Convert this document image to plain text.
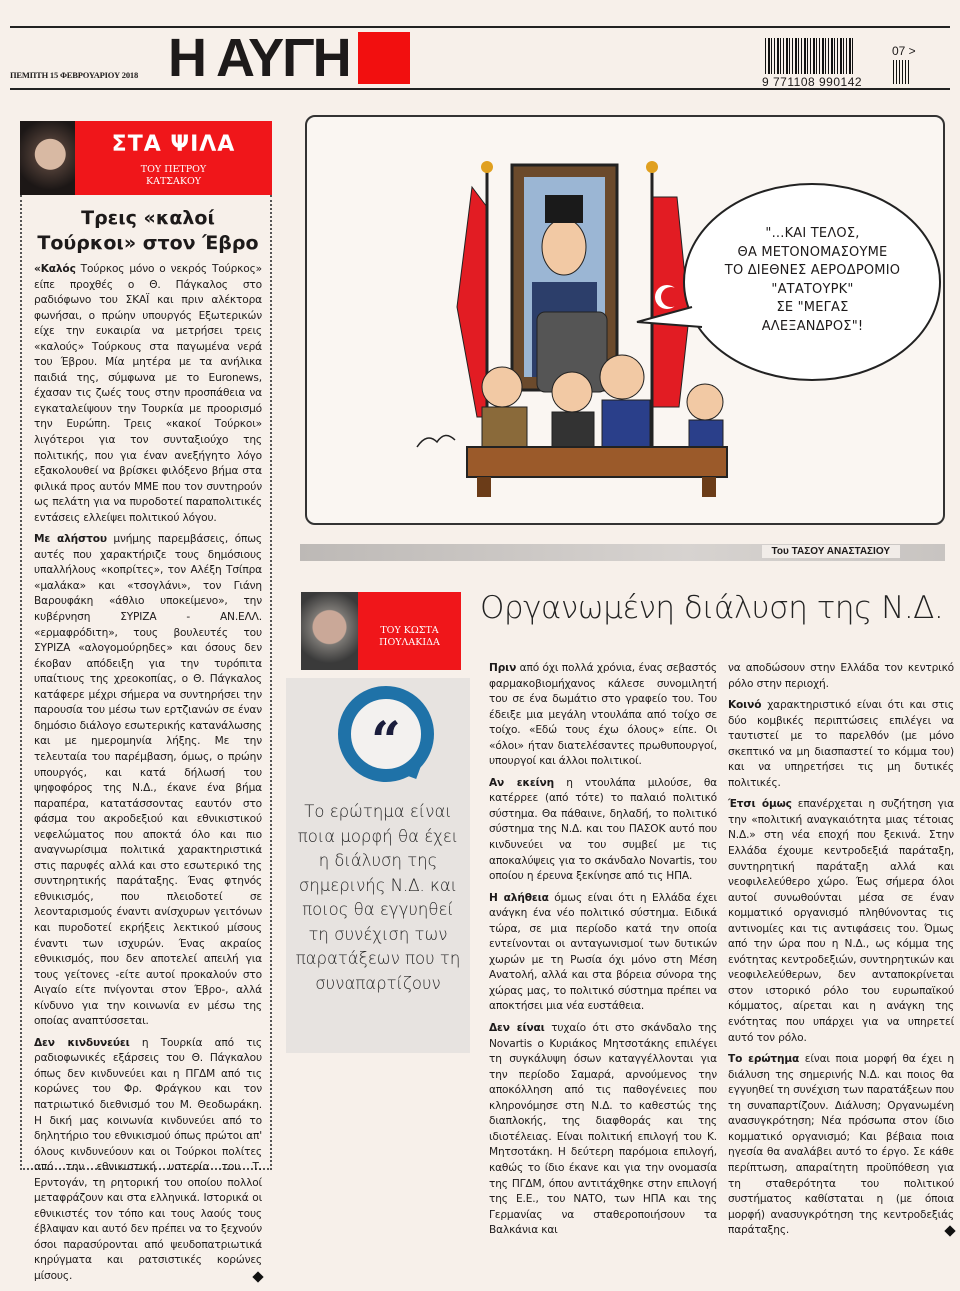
Η ΑΥΓΗ
ΠΕΜΠΤΗ 15 ΦΕΒΡΟΥΑΡΙΟΥ 2018	9 771108 990142
07 >
ΣΤΑ ΨΙΛΑ
ΤΟΥ ΠΕΤΡΟΥ
ΚΑΤΣΑΚΟΥ
Τρεις «καλοί Τούρκοι» στον Έβρο

«Καλός Τούρκος μόνο ο νεκρός Τούρκος» είπε προχθές ο Θ. Πάγκαλος στο ραδιόφωνο του ΣΚΑΪ και πριν αλέκτορα φωνήσαι, ο πρώην υπουργός Εξωτερικών είχε την ευκαιρία να μετρήσει τρεις «καλούς» Τούρκους στα παγωμένα νερά του Έβρου. Μία μητέρα με τα ανήλικα παιδιά της, σύμφωνα με το Euronews, έχασαν τις ζωές τους στην προσπάθεια να εγκαταλείψουν την Τουρκία με προορισμό την Ευρώπη. Τρεις «κακοί Τούρκοι» λιγότεροι για τον συνταξιούχο της πολιτικής, που για έναν ανεξήγητο λόγο εξακολουθεί να βρίσκει φιλόξενο βήμα στα φιλικά προς αυτόν ΜΜΕ που τον συντηρούν ως πελάτη για να πυροδοτεί παραπολιτικές εντάσεις ελλείψει πολιτικού λόγου.

Με αλήστου μνήμης παρεμβάσεις, όπως αυτές που χαρακτήριζε τους δημόσιους υπαλλήλους «κοπρίτες», τον Αλέξη Τσίπρα «μαλάκα» και «τσογλάνι», τον Γιάνη Βαρουφάκη «άθλιο υποκείμενο», την κυβέρνηση ΣΥΡΙΖΑ - ΑΝ.ΕΛΛ. «ερμαφρόδιτη», τους βουλευτές του ΣΥΡΙΖΑ «αλογομούρηδες» και όσους δεν έκοβαν απόδειξη για την τυρόπιτα υπαίτιους της χρεοκοπίας, ο Θ. Πάγκαλος κατάφερε μέχρι σήμερα να συντηρήσει την παρουσία του μέσω των ερτζιανών σε έναν δημόσιο διάλογο εσωτερικής κατανάλωσης και με ημερομηνία λήξης. Με την τελευταία του παρέμβαση, όμως, ο πρώην υπουργός, και κατά δήλωσή του ψηφοφόρος της Ν.Δ., έκανε ένα βήμα παραπέρα, κατατάσσοντας εαυτόν στο φάσμα του ακροδεξιού και εθνικιστικού νεφελώματος που αποκτά όλο και πιο αναγνωρίσιμα πολιτικά χαρακτηριστικά στις παρυφές αλλά και στο εσωτερικό της συντηρητικής παράταξης. Ένας φτηνός εθνικισμός, που πλειοδοτεί σε λεονταρισμούς έναντι ανίσχυρων γειτόνων και πυροδοτεί εκρήξεις λεκτικού μίσους έναντι των ισχυρών. Ένας ακραίος εθνικισμός, που δεν αποτελεί απειλή για τους γείτονες -είτε αυτοί προκαλούν στο Αιγαίο είτε πνίγονται στον Έβρο-, αλλά κίνδυνο για την κοινωνία εν μέσω της οποίας αναπτύσσεται.

Δεν κινδυνεύει η Τουρκία από τις ραδιοφωνικές εξάρσεις του Θ. Πάγκαλου όπως δεν κινδυνεύει και η ΠΓΔΜ από τις κορώνες του Φρ. Φράγκου και τον πατριωτικό διεθνισμό του Μ. Θεοδωράκη. Η δική μας κοινωνία κινδυνεύει από το δηλητήριο του εθνικισμού όπως πρώτοι απ' όλους κινδυνεύουν και οι Τούρκοι πολίτες από την εθνικιστική υστερία του Τ. Ερντογάν, τη ρητορική του οποίου πολλοί μεταφράζουν και στα ελληνικά. Ιστορικά οι εθνικιστές τον τόπο και τους λαούς τους έβλαψαν και αυτό δεν πρέπει να το ξεχνούν όσοι παρασύρονται από ψευδοπατριωτικά κηρύγματα και ρατσιστικές κορώνες μίσους.

"...ΚΑΙ ΤΕΛΟΣ,
ΘΑ ΜΕΤΟΝΟΜΑΣΟΥΜΕ
ΤΟ ΔΙΕΘΝΕΣ ΑΕΡΟΔΡΟΜΙΟ
"ΑΤΑΤΟΥΡΚ"
ΣΕ "ΜΕΓΑΣ
ΑΛΕΞΑΝΔΡΟΣ"!
Του ΤΑΣΟΥ ΑΝΑΣΤΑΣΙΟΥ
ΤΟΥ ΚΩΣΤΑ
ΠΟΥΛΑΚΙΔΑ
Οργανωμένη διάλυση της Ν.Δ.
“
Το ερώτημα είναι ποια μορφή θα έχει η διάλυση της σημερινής Ν.Δ. και ποιος θα εγγυηθεί τη συνέχιση των παρατάξεων που τη συναπαρτίζουν

Πριν από όχι πολλά χρόνια, ένας σεβαστός φαρμακοβιομήχανος κάλεσε συνομιλητή του σε ένα δωμάτιο στο γραφείο του. Του έδειξε μια μεγάλη ντουλάπα από τοίχο σε τοίχο. «Εδώ τους έχω όλους» είπε. Οι «όλοι» ήταν διατελέσαντες πρωθυπουργοί, υπουργοί και άλλοι πολιτικοί.

Αν εκείνη η ντουλάπα μιλούσε, θα κατέρρεε (από τότε) το παλαιό πολιτικό σύστημα. Θα πάθαινε, δηλαδή, το πολιτικό σύστημα της Ν.Δ. και του ΠΑΣΟΚ αυτό που κινδυνεύει να του συμβεί με τις αποκαλύψεις για το σκάνδαλο Novartis, του οποίου η έρευνα ξεκίνησε από τις ΗΠΑ.

Η αλήθεια όμως είναι ότι η Ελλάδα έχει ανάγκη ένα νέο πολιτικό σύστημα. Ειδικά τώρα, σε μια περίοδο κατά την οποία εντείνονται οι ανταγωνισμοί των δυτικών χωρών με τη Ρωσία όχι μόνο στη Μέση Ανατολή, αλλά και στα βόρεια σύνορα της χώρας μας, το πολιτικό σύστημα πρέπει να αποκτήσει μια νέα ευστάθεια.

Δεν είναι τυχαίο ότι στο σκάνδαλο της Novartis ο Κυριάκος Μητσοτάκης επιλέγει τη συγκάλυψη όσων καταγγέλλονται για την περίοδο Σαμαρά, αρνούμενος την αποκόλληση από τις παθογένειες που κληρονόμησε στη Ν.Δ. το καθεστώς της διαπλοκής, της διαφθοράς και της ιδιοτέλειας. Είναι πολιτική επιλογή του Κ. Μητσοτάκη. Η δεύτερη παρόμοια επιλογή, καθώς το ίδιο έκανε και για την ονομασία της ΠΓΔΜ, όπου αντιτάχθηκε στην επιλογή της Ε.Ε., του ΝΑΤΟ, των ΗΠΑ και της Γερμανίας να σταθεροποιήσουν τα Βαλκάνια και

να αποδώσουν στην Ελλάδα τον κεντρικό ρόλο στην περιοχή.

Κοινό χαρακτηριστικό είναι ότι και στις δύο κομβικές περιπτώσεις επιλέγει να ταυτιστεί με το παρελθόν (με μόνο σκεπτικό να μη διασπαστεί το κόμμα του) και να υπηρετήσει τις μη δυτικές πολιτικές.

Έτσι όμως επανέρχεται η συζήτηση για την «πολιτική αναγκαιότητα μιας τέτοιας Ν.Δ.» στη νέα εποχή που ξεκινά. Στην Ελλάδα έχουμε κεντροδεξιά παράταξη, συντηρητική παράταξη αλλά και νεοφιλελεύθερο χώρο. Έως σήμερα όλοι αυτοί συνωθούνται μέσα σε έναν κομματικό οργανισμό πληθύνοντας τις αντινομίες και τις αντιφάσεις του. Όμως από την ώρα που η Ν.Δ., ως κόμμα της ενότητας κεντροδεξιών, συντηρητικών και νεοφιλελεύθερων, δεν ανταποκρίνεται στον ιστορικό ρόλο του ευρωπαϊκού κόμματος, αίρεται και η ανάγκη της ενότητας που υπάρχει για να υπηρετεί αυτό τον ρόλο.

Το ερώτημα είναι ποια μορφή θα έχει η διάλυση της σημερινής Ν.Δ. και ποιος θα εγγυηθεί τη συνέχιση των παρατάξεων που τη συναπαρτίζουν. Διάλυση; Οργανωμένη ανασυγκρότηση; Νέα πρόσωπα στον ίδιο κομματικό οργανισμό; Και βέβαια ποια ηγεσία θα αναλάβει αυτό το έργο. Σε κάθε περίπτωση, απαραίτητη προϋπόθεση για τη σταθερότητα του πολιτικού συστήματος καθίσταται η (με όποια μορφή) ανασυγκρότηση της κεντροδεξιάς παράταξης.
